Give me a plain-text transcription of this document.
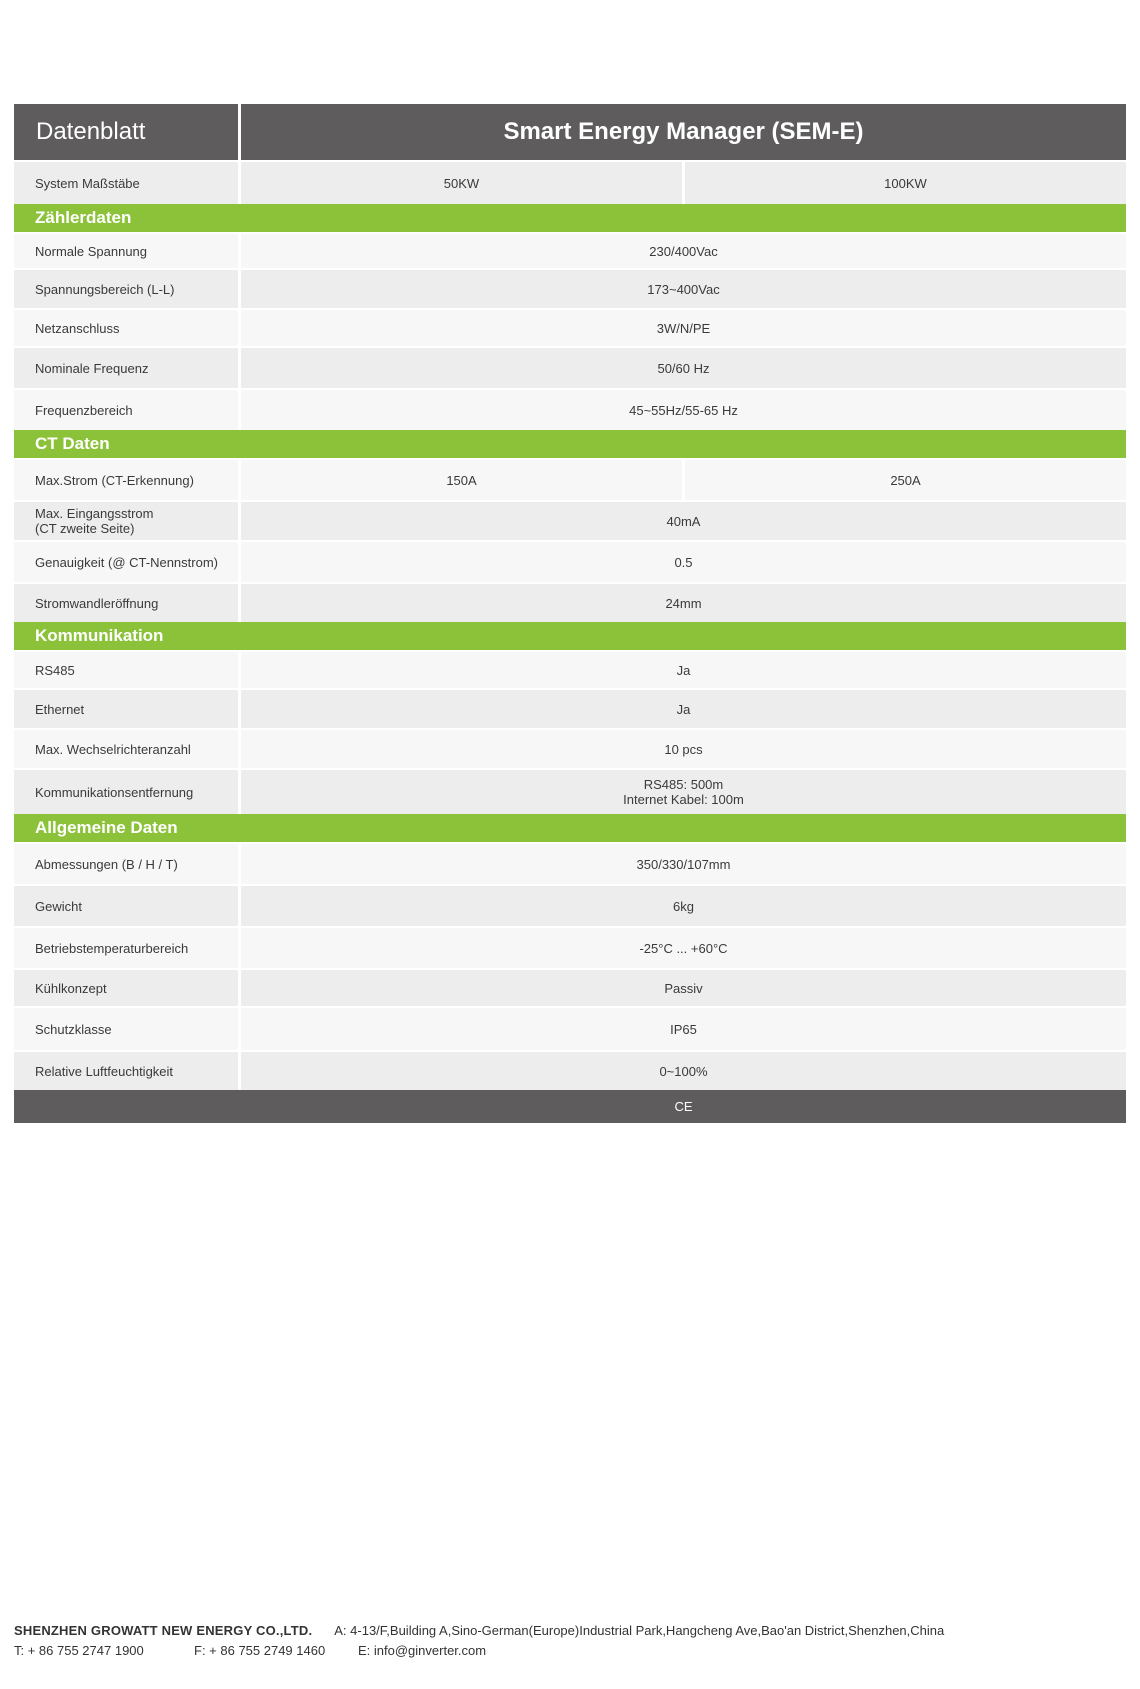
Datenblatt	Smart Energy Manager (SEM-E)
System Maßstäbe	50KW	100KW
Zählerdaten
Normale Spannung	230/400Vac
Spannungsbereich (L-L)	173~400Vac
Netzanschluss	3W/N/PE
Nominale Frequenz	50/60 Hz
Frequenzbereich	45~55Hz/55-65 Hz
CT Daten
Max.Strom (CT-Erkennung)	150A	250A
Max. Eingangsstrom
(CT zweite Seite)	40mA
Genauigkeit (@ CT-Nennstrom)	0.5
Stromwandleröffnung	24mm
Kommunikation
RS485	Ja
Ethernet	Ja
Max. Wechselrichteranzahl	10 pcs
Kommunikationsentfernung	RS485: 500m
Internet Kabel: 100m
Allgemeine Daten
Abmessungen (B / H / T)	350/330/107mm
Gewicht	6kg
Betriebstemperaturbereich	-25°C ... +60°C
Kühlkonzept	Passiv
Schutzklasse	IP65
Relative Luftfeuchtigkeit	0~100%
CE
SHENZHEN GROWATT NEW ENERGY CO.,LTD. A: 4-13/F,Building A,Sino-German(Europe)Industrial Park,Hangcheng Ave,Bao'an District,Shenzhen,China
T: + 86 755 2747 1900	F: + 86 755 2749 1460	E: info@ginverter.com
